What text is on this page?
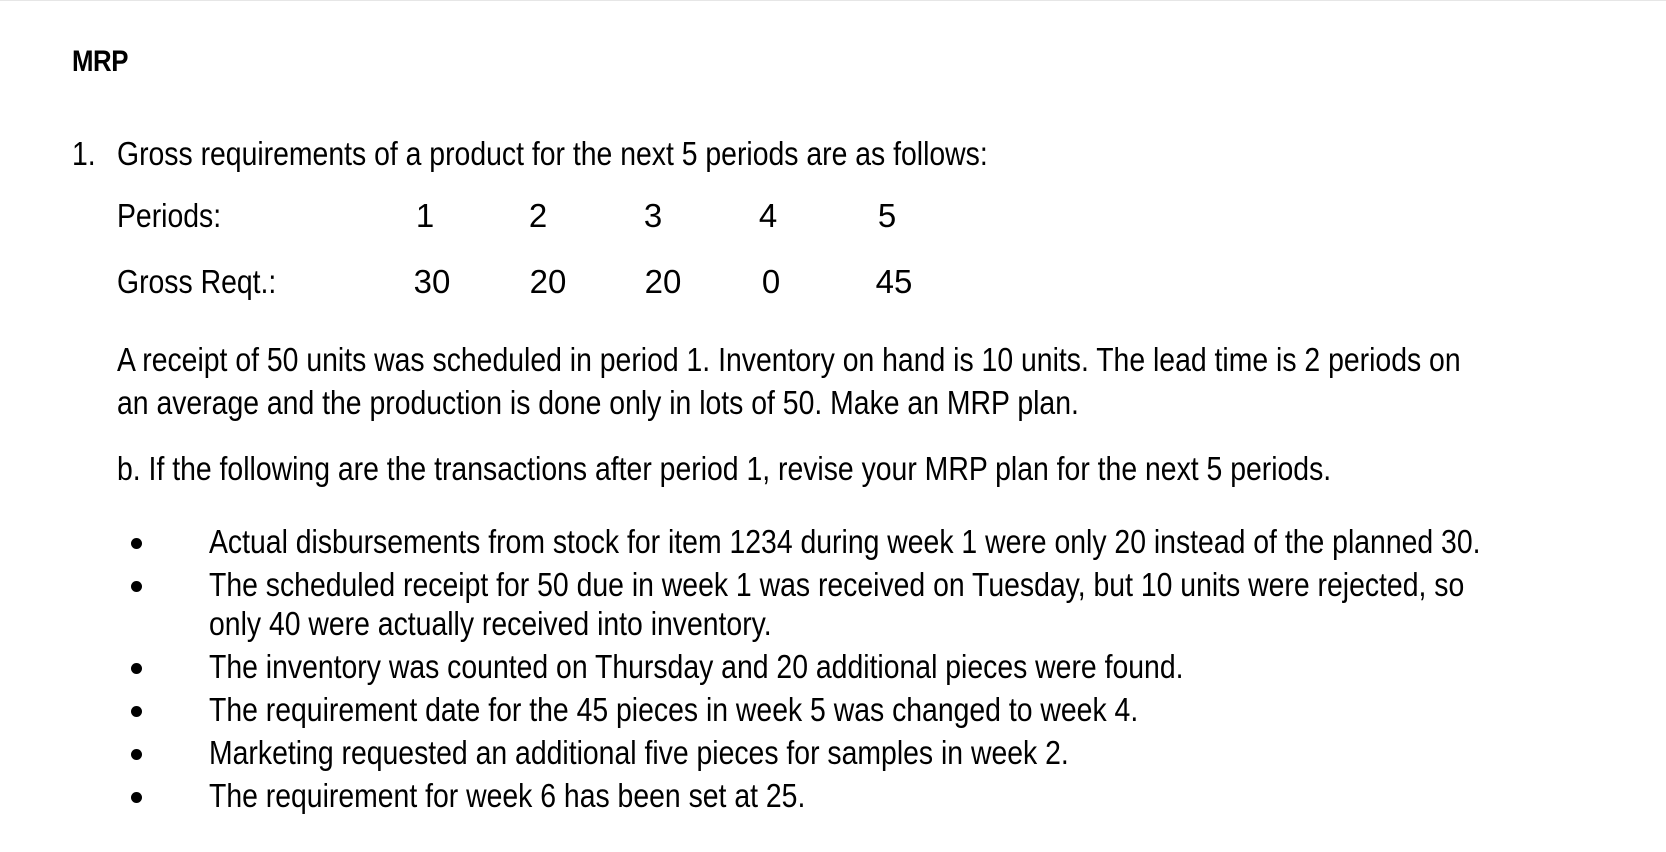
MRP
1. Gross requirements of a product for the next 5 periods are as follows:
Periods:	1	2	3	4	5
Gross Reqt.:	30	20	20	0	45
A receipt of 50 units was scheduled in period 1. Inventory on hand is 10 units. The lead time is 2 periods on
an average and the production is done only in lots of 50. Make an MRP plan.
b. If the following are the transactions after period 1, revise your MRP plan for the next 5 periods.
Actual disbursements from stock for item 1234 during week 1 were only 20 instead of the planned 30.
The scheduled receipt for 50 due in week 1 was received on Tuesday, but 10 units were rejected, so
only 40 were actually received into inventory.
The inventory was counted on Thursday and 20 additional pieces were found.
The requirement date for the 45 pieces in week 5 was changed to week 4.
Marketing requested an additional five pieces for samples in week 2.
The requirement for week 6 has been set at 25.
